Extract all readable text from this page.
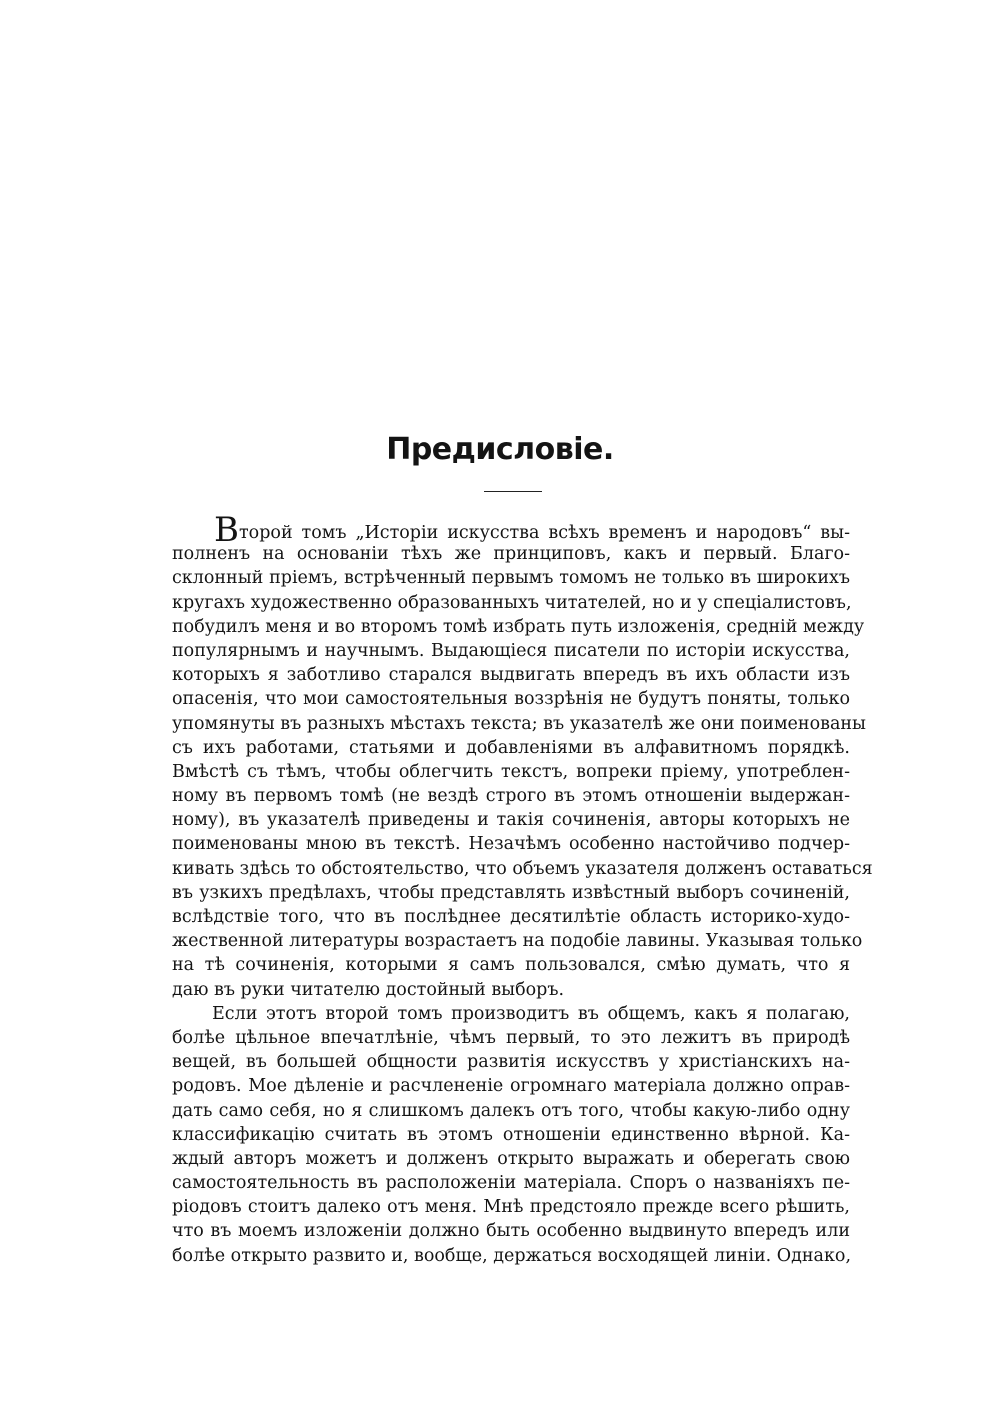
Предисловіе.
Второй томъ „Исторіи искусства всѣхъ временъ и народовъ“ вы-
полненъ на основаніи тѣхъ же принциповъ, какъ и первый. Благо-
склонный пріемъ, встрѣченный первымъ томомъ не только въ широкихъ
кругахъ художественно образованныхъ читателей, но и у спеціалистовъ,
побудилъ меня и во второмъ томѣ избрать путь изложенія, средній между
популярнымъ и научнымъ. Выдающіеся писатели по исторіи искусства,
которыхъ я заботливо старался выдвигать впередъ въ ихъ области изъ
опасенія, что мои самостоятельныя воззрѣнія не будутъ поняты, только
упомянуты въ разныхъ мѣстахъ текста; въ указателѣ же они поименованы
съ ихъ работами, статьями и добавленіями въ алфавитномъ порядкѣ.
Вмѣстѣ съ тѣмъ, чтобы облегчить текстъ, вопреки пріему, употреблен-
ному въ первомъ томѣ (не вездѣ строго въ этомъ отношеніи выдержан-
ному), въ указателѣ приведены и такія сочиненія, авторы которыхъ не
поименованы мною въ текстѣ. Незачѣмъ особенно настойчиво подчер-
кивать здѣсь то обстоятельство, что объемъ указателя долженъ оставаться
въ узкихъ предѣлахъ, чтобы представлять извѣстный выборъ сочиненій,
вслѣдствіе того, что въ послѣднее десятилѣтіе область историко-худо-
жественной литературы возрастаетъ на подобіе лавины. Указывая только
на тѣ сочиненія, которыми я самъ пользовался, смѣю думать, что я
даю въ руки читателю достойный выборъ.
Если этотъ второй томъ производитъ въ общемъ, какъ я полагаю,
болѣе цѣльное впечатлѣніе, чѣмъ первый, то это лежитъ въ природѣ
вещей, въ большей общности развитія искусствъ у христіанскихъ на-
родовъ. Мое дѣленіе и расчлененіе огромнаго матеріала должно оправ-
дать само себя, но я слишкомъ далекъ отъ того, чтобы какую-либо одну
классификацію считать въ этомъ отношеніи единственно вѣрной. Ка-
ждый авторъ можетъ и долженъ открыто выражать и оберегать свою
самостоятельность въ расположеніи матеріала. Споръ о названіяхъ пе-
ріодовъ стоитъ далеко отъ меня. Мнѣ предстояло прежде всего рѣшить,
что въ моемъ изложеніи должно быть особенно выдвинуто впередъ или
болѣе открыто развито и, вообще, держаться восходящей линіи. Однако,
